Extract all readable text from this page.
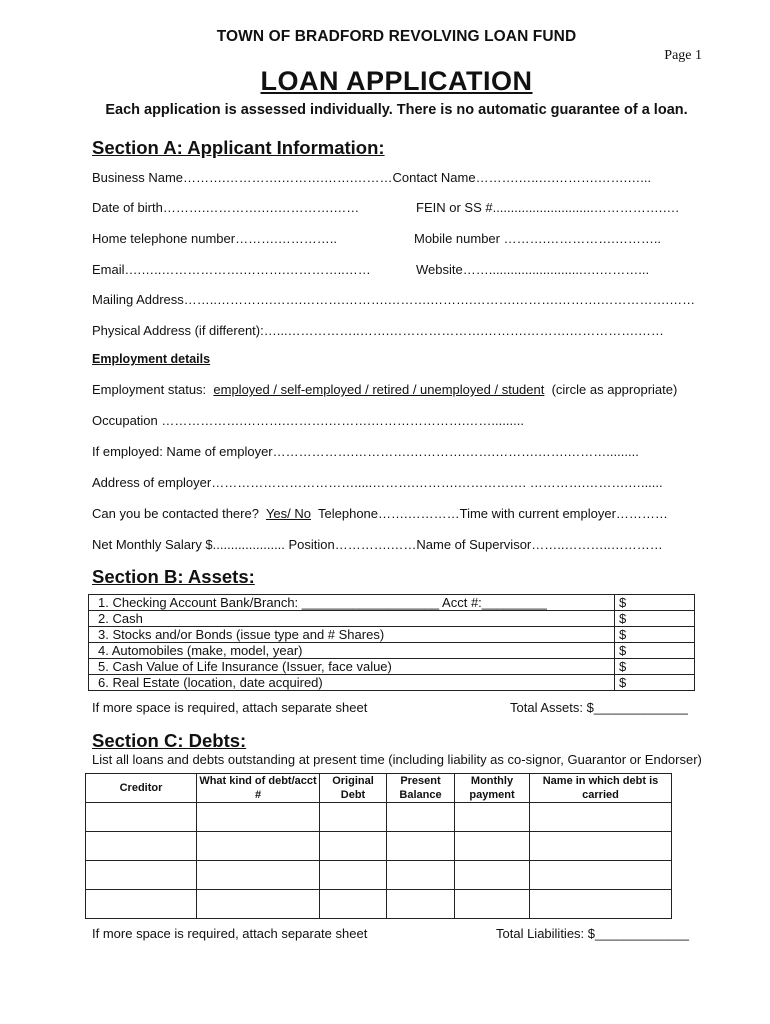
TOWN OF BRADFORD REVOLVING LOAN FUND
Page 1
LOAN APPLICATION
Each application is assessed individually. There is no automatic guarantee of a loan.
Section A: Applicant Information:
Business Name……….………….……….…….………Contact Name……….…..….……….…….…...
Date of birth……….………….….………….……	FEIN or SS #............................…………….….
Home telephone number……….…………..	Mobile number ……….…………….………..
Email….…..……………….……….…………..……	Website……..........................….………...
Mailing Address……..………….…….……….……….……….……….……….……….……….…………….……
Physical Address (if different):…...……………..…….………………….……….……….…………….……
Employment details
Employment status: employed / self-employed / retired / unemployed / student (circle as appropriate)
Occupation ……………….……….……….……….………………….…….........
If employed: Name of employer……………….………….………….…….……….…….……….........
Address of employer…………………………….....……….……….……………. ………….……….…......
Can you be contacted there? Yes/ No Telephone…….…………Time with current employer…………
Net Monthly Salary $.................... Position………….……Name of Supervisor……..………..…………
Section B: Assets:
1. Checking Account Bank/Branch: ___________________ Acct #:_________	$
2. Cash	$
3. Stocks and/or Bonds (issue type and # Shares)	$
4. Automobiles (make, model, year)	$
5. Cash Value of Life Insurance (Issuer, face value)	$
6. Real Estate (location, date acquired)	$
If more space is required, attach separate sheet	Total Assets: $_____________
Section C: Debts:
List all loans and debts outstanding at present time (including liability as co-signor, Guarantor or Endorser)
Creditor	What kind of debt/acct #	Original Debt	Present Balance	Monthly payment	Name in which debt is carried

If more space is required, attach separate sheet	Total Liabilities: $_____________
